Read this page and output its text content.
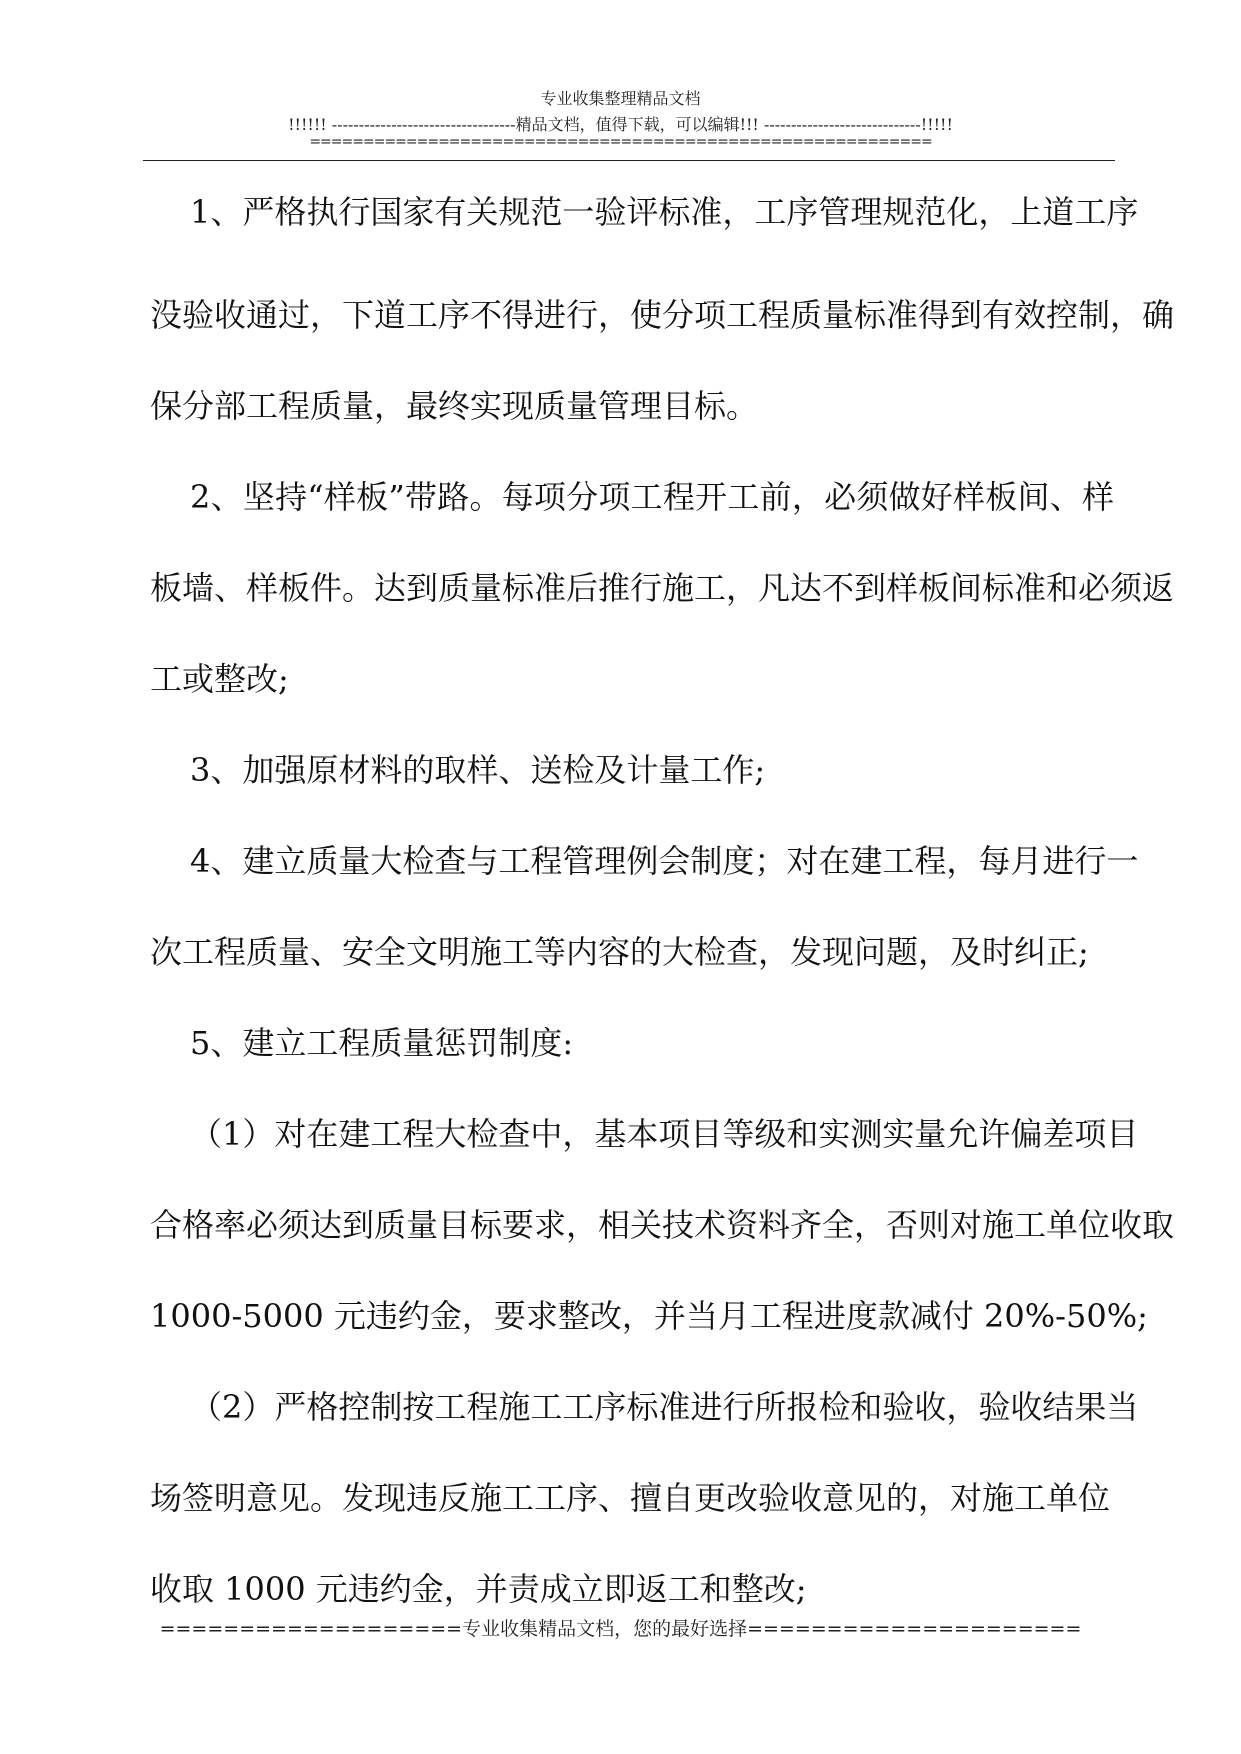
专业收集整理精品文档
!!!!!! ----------------------------------精品文档，值得下载，可以编辑!!! -----------------------------!!!!!
==========================================================
1、严格执行国家有关规范一验评标准，工序管理规范化，上道工序
没验收通过，下道工序不得进行，使分项工程质量标准得到有效控制，确
保分部工程质量，最终实现质量管理目标。
2、坚持“样板”带路。每项分项工程开工前，必须做好样板间、样
板墙、样板件。达到质量标准后推行施工，凡达不到样板间标准和必须返
工或整改;
3、加强原材料的取样、送检及计量工作;
4、建立质量大检查与工程管理例会制度；对在建工程，每月进行一
次工程质量、安全文明施工等内容的大检查，发现问题，及时纠正;
5、建立工程质量惩罚制度:
（1）对在建工程大检查中，基本项目等级和实测实量允许偏差项目
合格率必须达到质量目标要求，相关技术资料齐全，否则对施工单位收取
1000-5000 元违约金，要求整改，并当月工程进度款减付 20%-50%;
（2）严格控制按工程施工工序标准进行所报检和验收，验收结果当
场签明意见。发现违反施工工序、擅自更改验收意见的，对施工单位
收取 1000 元违约金，并责成立即返工和整改;
===================专业收集精品文档，您的最好选择=====================
